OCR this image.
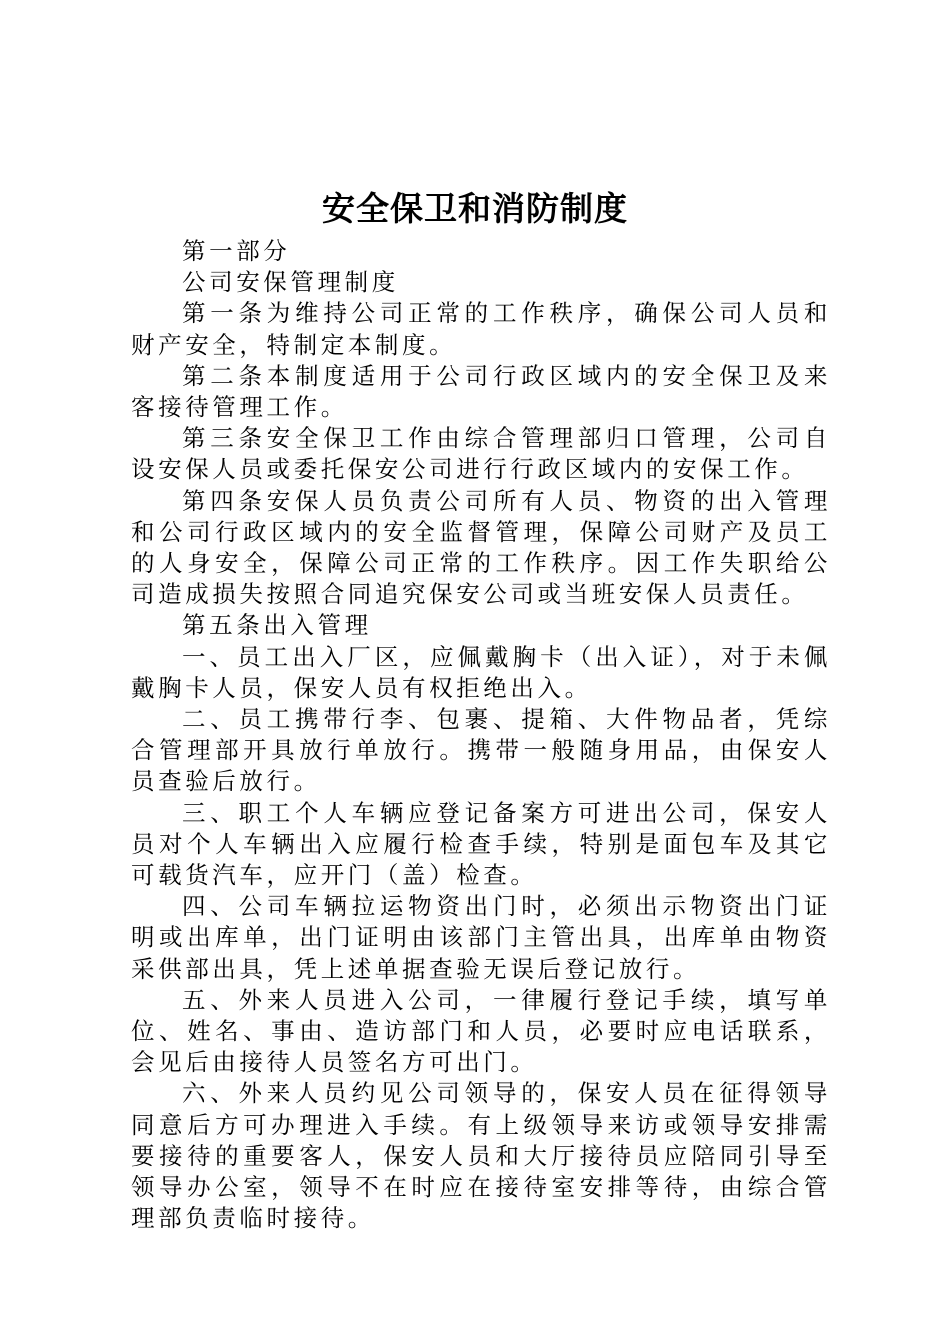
安全保卫和消防制度

第一部分

公司安保管理制度

第一条为维持公司正常的工作秩序，确保公司人员和财产安全，特制定本制度。

第二条本制度适用于公司行政区域内的安全保卫及来客接待管理工作。

第三条安全保卫工作由综合管理部归口管理，公司自设安保人员或委托保安公司进行行政区域内的安保工作。

第四条安保人员负责公司所有人员、物资的出入管理和公司行政区域内的安全监督管理，保障公司财产及员工的人身安全，保障公司正常的工作秩序。因工作失职给公司造成损失按照合同追究保安公司或当班安保人员责任。

第五条出入管理

一、员工出入厂区，应佩戴胸卡（出入证），对于未佩戴胸卡人员，保安人员有权拒绝出入。

二、员工携带行李、包裹、提箱、大件物品者，凭综合管理部开具放行单放行。携带一般随身用品，由保安人员查验后放行。

三、职工个人车辆应登记备案方可进出公司，保安人员对个人车辆出入应履行检查手续，特别是面包车及其它可载货汽车，应开门（盖）检查。

四、公司车辆拉运物资出门时，必须出示物资出门证明或出库单，出门证明由该部门主管出具，出库单由物资采供部出具，凭上述单据查验无误后登记放行。

五、外来人员进入公司，一律履行登记手续，填写单位、姓名、事由、造访部门和人员，必要时应电话联系，会见后由接待人员签名方可出门。

六、外来人员约见公司领导的，保安人员在征得领导同意后方可办理进入手续。有上级领导来访或领导安排需要接待的重要客人，保安人员和大厅接待员应陪同引导至领导办公室，领导不在时应在接待室安排等待，由综合管理部负责临时接待。
